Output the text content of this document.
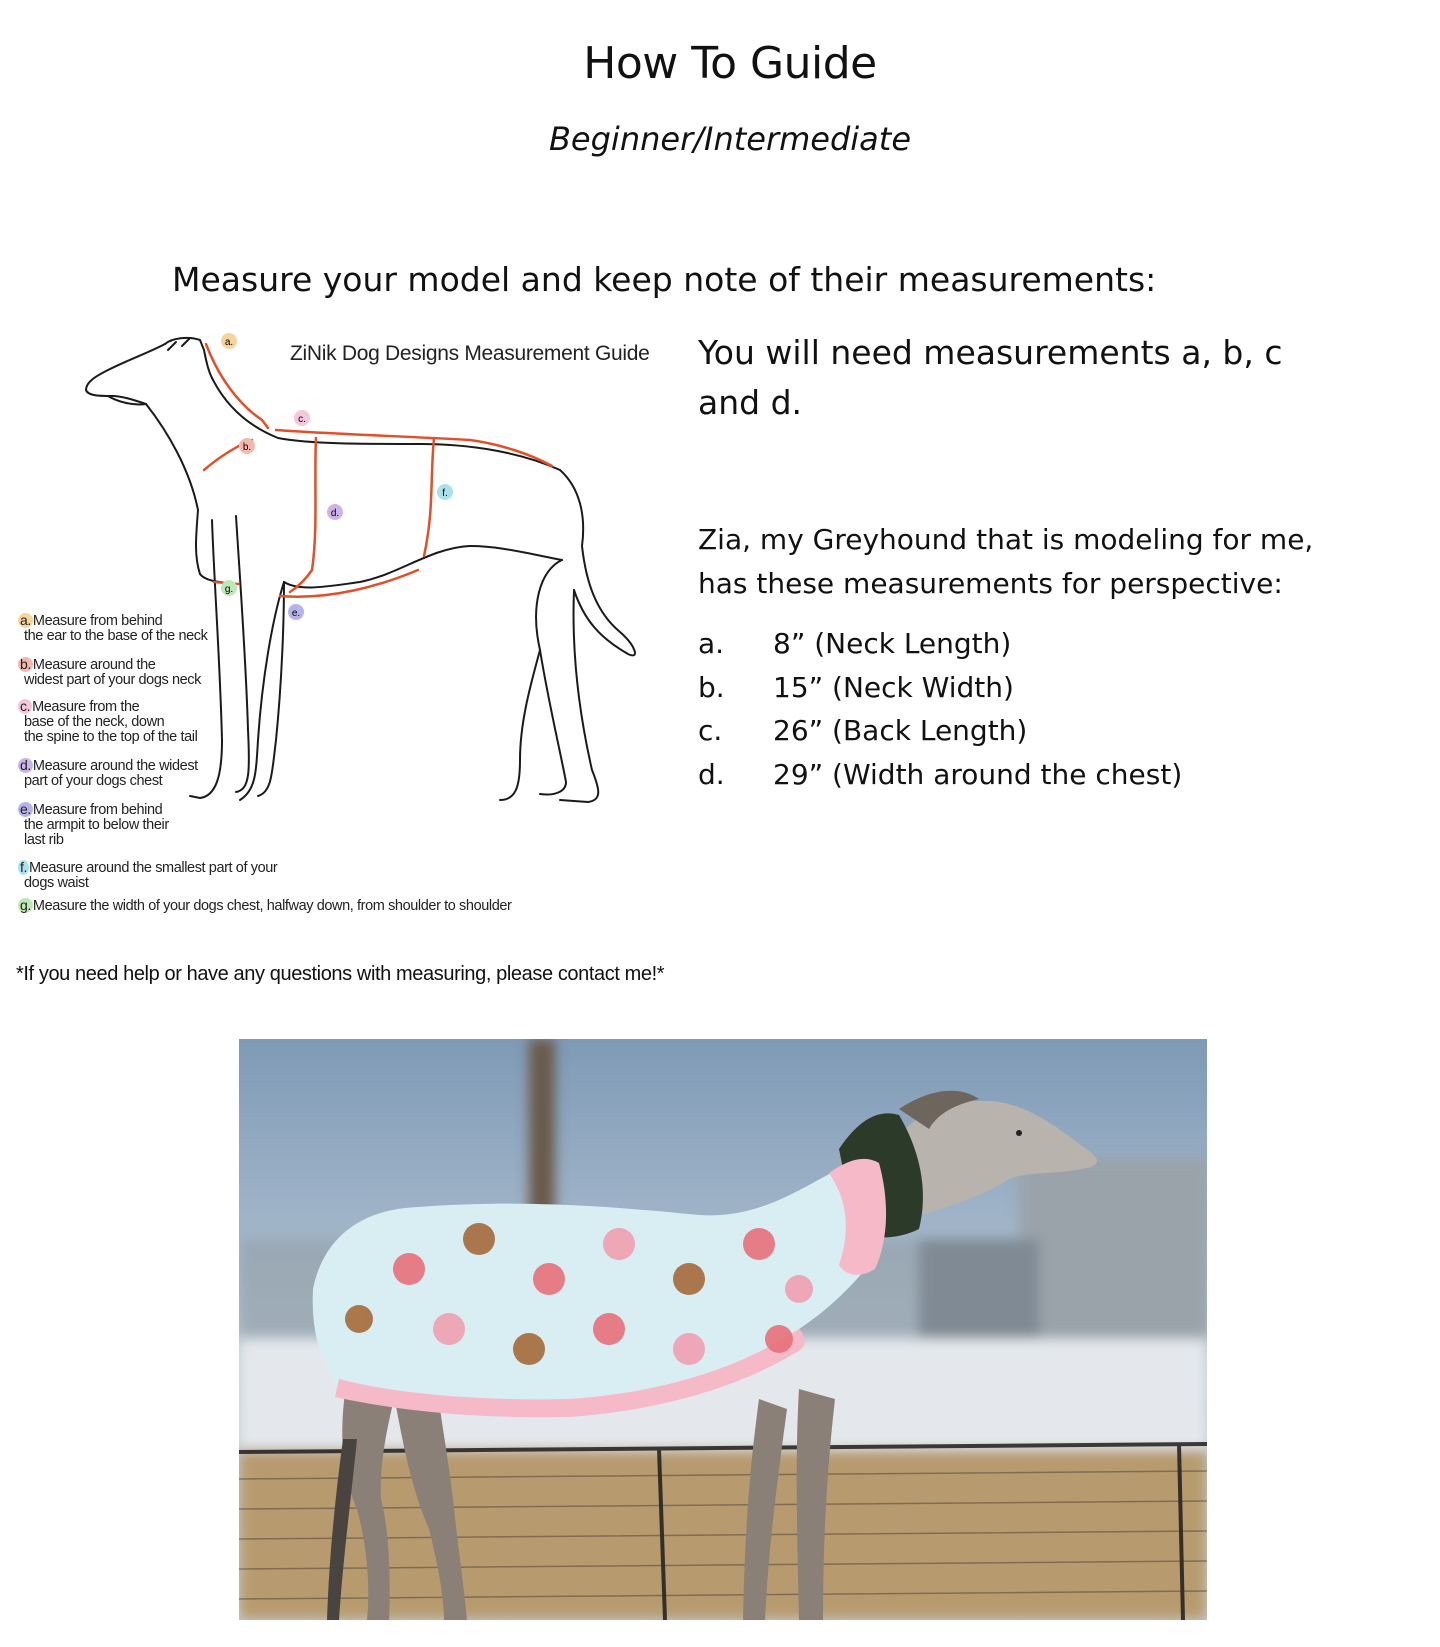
How To Guide
Beginner/Intermediate
Measure your model and keep note of their measurements:
a.
b.
c.
d.
e.
f.
g.
ZiNik Dog Designs Measurement Guide
a. Measure from behind
the ear to the base of the neck
b. Measure around the
widest part of your dogs neck
c. Measure from the
base of the neck, down
the spine to the top of the tail
d. Measure around the widest
part of your dogs chest
e. Measure from behind
the armpit to below their
last rib
f. Measure around the smallest part of your
dogs waist
g. Measure the width of your dogs chest, halfway down, from shoulder to shoulder
*If you need help or have any questions with measuring, please contact me!*
You will need measurements a, b, c and d.
Zia, my Greyhound that is modeling for me, has these measurements for perspective:
a.	8” (Neck Length)
b.	15” (Neck Width)
c.	26” (Back Length)
d.	29” (Width around the chest)
